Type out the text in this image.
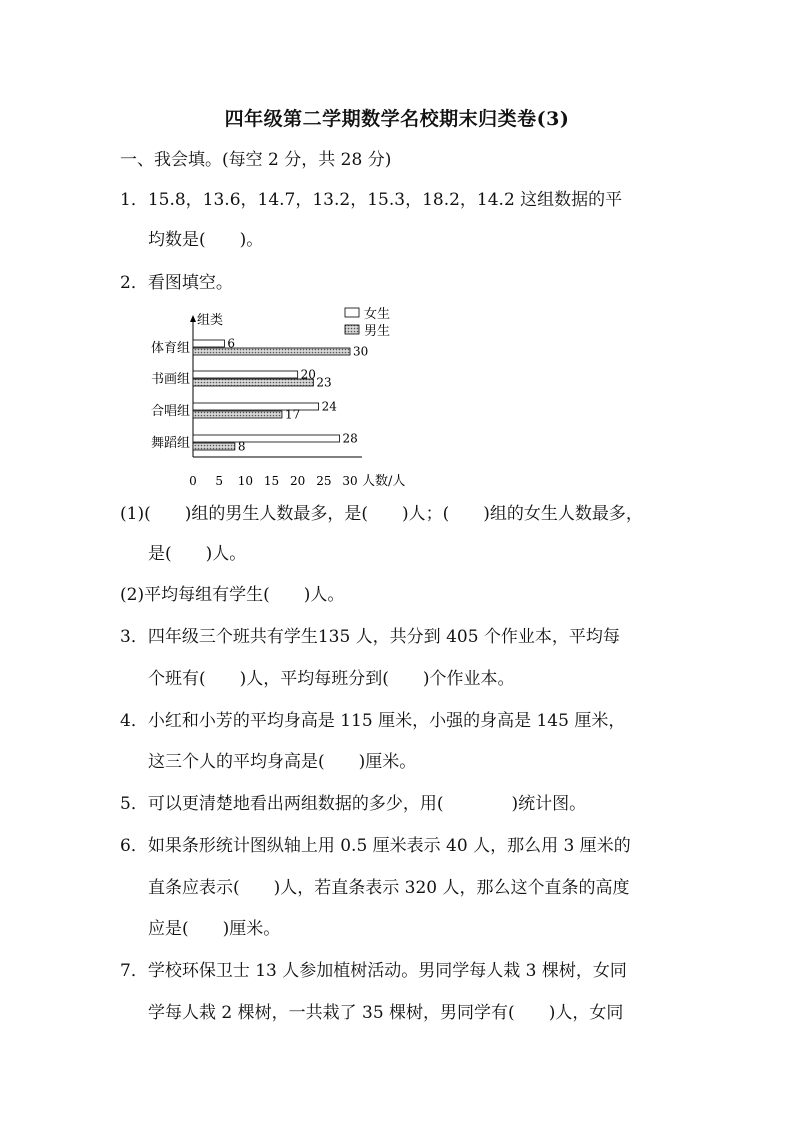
四年级第二学期数学名校期末归类卷(3)
一、我会填。(每空 2 分，共 28 分)
1．15.8，13.6，14.7，13.2，15.3，18.2，14.2 这组数据的平
均数是(　　)。
2．看图填空。
组类
人数/人
0 5 10 15 20 25 30
体育组	6
30
书画组	20
23
合唱组	24
17
舞蹈组	28
8
女生
男生
(1)(　　)组的男生人数最多，是(　　)人；(　　)组的女生人数最多，
是(　　)人。
(2)平均每组有学生(　　)人。
3．四年级三个班共有学生135 人，共分到 405 个作业本，平均每
个班有(　　)人，平均每班分到(　　)个作业本。
4．小红和小芳的平均身高是 115 厘米，小强的身高是 145 厘米，
这三个人的平均身高是(　　)厘米。
5．可以更清楚地看出两组数据的多少，用(　　　　)统计图。
6．如果条形统计图纵轴上用 0.5 厘米表示 40 人，那么用 3 厘米的
直条应表示(　　)人，若直条表示 320 人，那么这个直条的高度
应是(　　)厘米。
7．学校环保卫士 13 人参加植树活动。男同学每人栽 3 棵树，女同
学每人栽 2 棵树，一共栽了 35 棵树，男同学有(　　)人，女同
